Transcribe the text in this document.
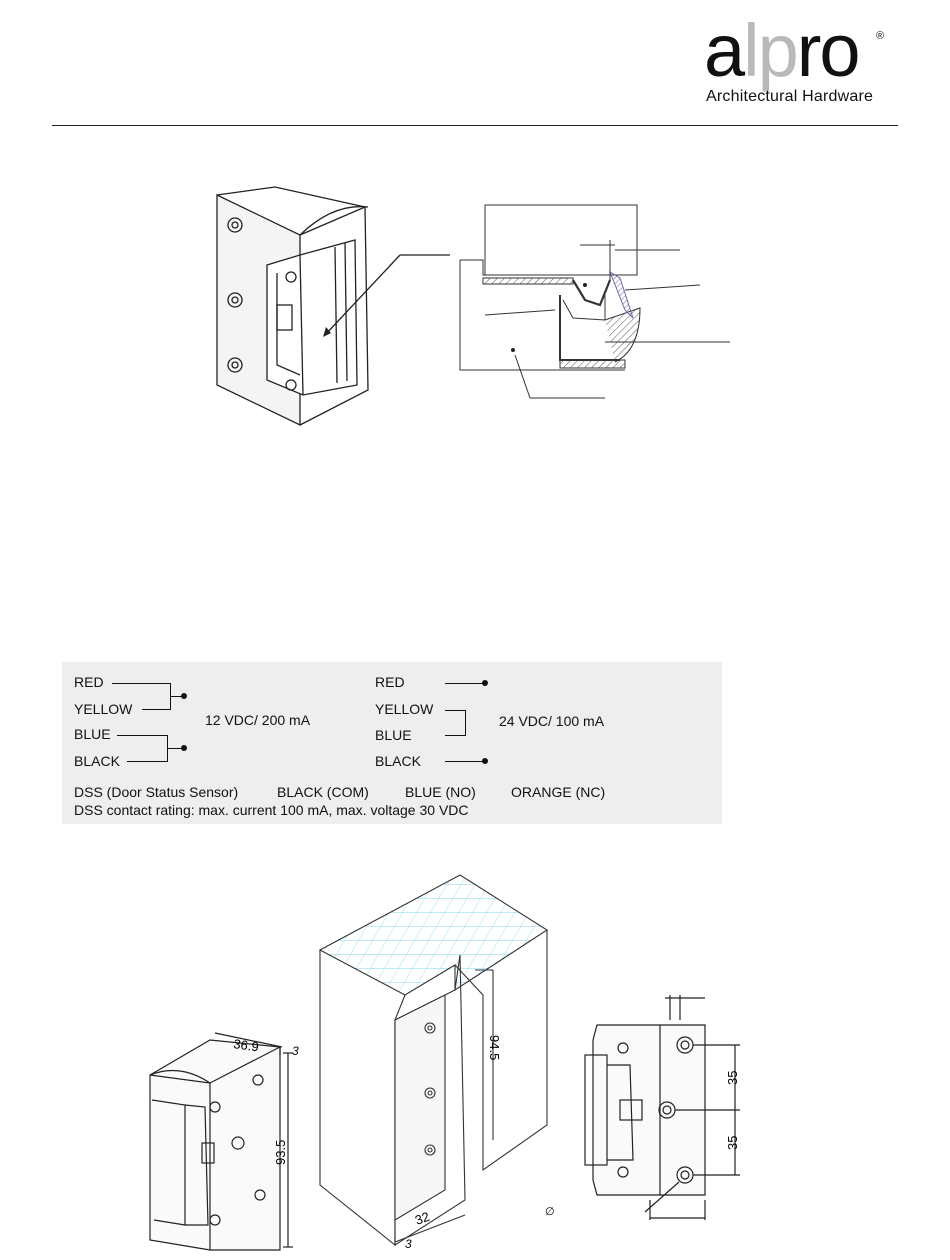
alpro ®
Architectural Hardware
RED
YELLOW
BLUE
BLACK
12 VDC/ 200 mA
RED
YELLOW
BLUE
BLACK
24 VDC/ 100 mA
DSS (Door Status Sensor)	BLACK (COM)	BLUE (NO)	ORANGE (NC)
DSS contact rating: max. current 100 mA, max. voltage 30 VDC
36.9	3
93.5
94.5
32
3
∅
35
35
